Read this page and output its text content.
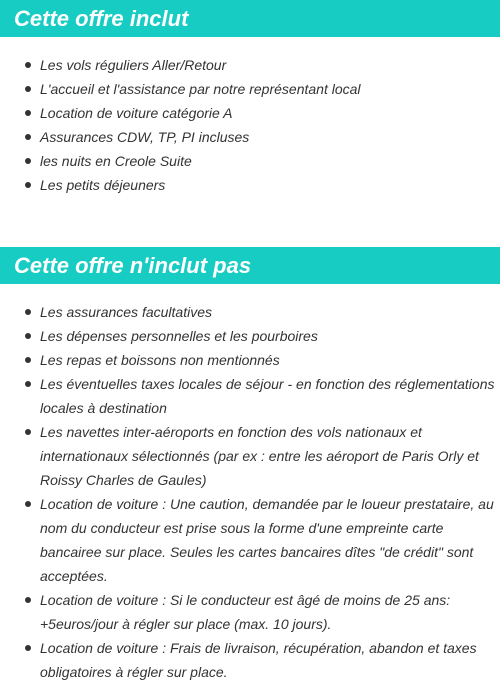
Cette offre inclut
Les vols réguliers Aller/Retour
L'accueil et l'assistance par notre représentant local
Location de voiture catégorie A
Assurances CDW, TP, PI incluses
les nuits en Creole Suite
Les petits déjeuners
Cette offre n'inclut pas
Les assurances facultatives
Les dépenses personnelles et les pourboires
Les repas et boissons non mentionnés
Les éventuelles taxes locales de séjour - en fonction des réglementations locales à destination
Les navettes inter-aéroports en fonction des vols nationaux et internationaux sélectionnés (par ex : entre les aéroport de Paris Orly et Roissy Charles de Gaules)
Location de voiture : Une caution, demandée par le loueur prestataire, au nom du conducteur est prise sous la forme d'une empreinte carte bancairee sur place. Seules les cartes bancaires dîtes "de crédit" sont acceptées.
Location de voiture : Si le conducteur est âgé de moins de 25 ans: +5euros/jour à régler sur place (max. 10 jours).
Location de voiture : Frais de livraison, récupération, abandon et taxes obligatoires à régler sur place.
